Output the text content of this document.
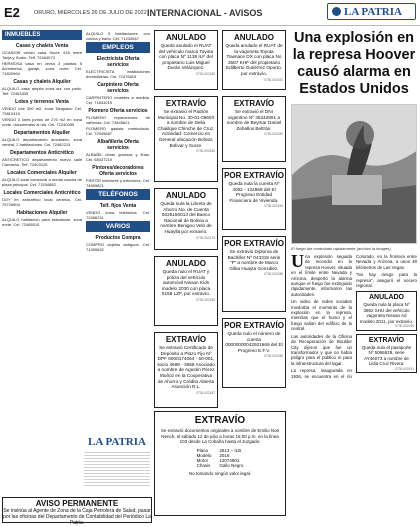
E2	ORURO, MIÉRCOLES 26 DE JULIO DE 2022 INTERNACIONAL - AVISOS	LA PATRIA
INMUEBLES
Casas y chalets Venta
OCASION vendo casa Sucre 418 entre Tarija y Sorbe. Telf. 72464073
HERMOSA casa en venta 3 plantas 5 dormitorios, garaje, zona norte. Cel. 71820964
Casas y chalets Alquiler
ALQUILO casa amplia zona sur con patio. Telf. 72463305
Lotes y terrenos Venta
VENDO lote 300 m2, zona Tarapaca. Cel. 73812415
VENDO 2 lotes juntos de 270 m2 en zona norte, documentos al día. Cel. 71240095
Departamentos Alquiler
ALQUILO departamento amoblado, zona central, 2 habitaciones. Cel. 72462213
Departamentos Anticrético
ANTICRETICO departamento nuevo calle Camacho. Telf. 72403125
Locales Comerciales Alquiler
ALQUILO local comercial a media cuadra de plaza principal. Cel. 71534882
Locales Comerciales Anticrético
DOY en anticrético local céntrico. Cel. 75726604
Habitaciones Alquiler
ALQUILO habitación para estudiante, zona norte. Cel. 72485015
ALQUILO 5 habitaciones, con cocina y baño. Cel. 71234567
EMPLEOS
Electricista Oferta servicios
ELECTRICISTA instalaciones domiciliarias. Cel. 72476815
Carpintero Oferta servicios
CARPINTERO muebles a medida. Cel. 71843219
Plomero Oferta servicios
PLOMERO reparaciones de cañerías. Cel. 73845621
PLOMERO gasista matriculado. Cel. 72345687
Albañilería Oferta servicios
ALBAÑIL obras gruesas y finas. Cel. 68437215
Pintores/decoradores Oferta servicios
PINTOR interiores y exteriores. Cel. 74569821
TELÉFONOS
Telf. fijos Venta
VENDO línea telefónica. Cel. 72456231
VARIOS
Productos Compra
COMPRO objetos antiguos. Cel. 71459632
ANULADO

Queda anulado el RUAT del vehículo marca Toyota con placa Nº 1139 ILF del propietario Luis Miguel Durán Velázquez.

0730-002180
ANULADO

Queda anulado el RUAT de la vagoneta Toyota Townace DX con placa No 2587 KHF del propietario Edilberto Gutiérrez Oporto, por extravío.

0730-002181
EXTRAVÍO

Se extravió el Padrón Municipal No. 30-01-05603 a nombre de Delia Chaiilque Chinche de Cruz, Actividad: Comercio en General ubicación Bolivar, Bolivar y Sucre.

0730-002183
EXTRAVÍO

Se extravió el DNI argentino Nº 35242891 a nombre de Beymar Daniel Zeballos Beltrán.

0730-002182
ANULADO

Queda nula la Libreta de Ahorro No. de Cuenta 5025150013 del Banco Nacional de Bolivia a nombre Benigno Velo de Huaylla por extravío.

0730-002179
POR EXTRAVÍO

Queda nula la cuenta Nº 4052 - 134968 del El Progreso Entidad Financiera de Vivienda.

0730-002184
ANULADO

Queda nulo el RUAT y póliza del vehículo automóvil Nissan Kids modelo 2030 con placa 5158 LZF, por extravío.

0730-002185
POR EXTRAVÍO

Se extravió Diploma de Bachiller Nº 043318 serie "F" a nombre de Marco Gilka Huayta González.

0730-002186
EXTRAVÍO

Se extravió Certificado de Depósito a Plazo Fijo Nº DPF 6000174064 - 60-001, socio 4698 - 3658 Asociado a nombre de Agustín Pérez Muñoz en la Cooperativa de Ahorro y Crédito Abierta Asunción R.L.

0730-002187
POR EXTRAVÍO

Queda nulo el número de cuenta 00000000042921669 del El Progreso E.F.V.

0730-002188
EXTRAVÍO

Se extravió documentos originales a nombre de Emilio Noe Nench, el sábado 12 de julio a horas 16:00 p.m. en la línea 103 desde La Cobaña hasta el Juzgado:

Placa	2813 – ILB
Modelo	2016
Motor	12074901
Chasis	Gallo Negro

No tomando ningún valor legal.

LA PATRIA
AVISO PERMANENTE

Se insinúa al Agente de Zona de la Caja Petrolera de Salud, pasar por las oficinas del Departamento de Contabilidad del Periódico La Patria.

Una explosión en la represa Hoover causó alarma en Estados Unidos
El fuego fue controlado rápidamente (archivo la imagen).

Una explosión seguida de incendio en la represa Hoover, situada en el límite entre Nevada y Arizona, despertó la alarma aunque el fuego fue extinguido rápidamente, informaron las autoridades.

Un video de redes sociales mostraba el momento de la explosión en la represa, mientras que el humo y el fuego salían del edificio de la central.

Las autoridades de la Oficina de Recuperación de Boulder City dijeron que fue un transformador y que no había peligro para el público ni para la infraestructura del lugar.

La represa, inaugurada en 1936, se encuentra en el río Colorado, en la frontera entre Nevada y Arizona, a unos 48 kilómetros de Las Vegas.

"No hay riesgo para la represa", aseguró el vocero regional.

ANULADO
Queda nula la placa Nº 3862 SHU del vehículo vagoneta Nissan Ad modelo 2011, por extravío.
0730-002190
EXTRAVÍO
Queda nulo el pasaporte Nº 5066929, serie AY46073 a nombre de Lidia Cruz Rivera.
0730-002191
